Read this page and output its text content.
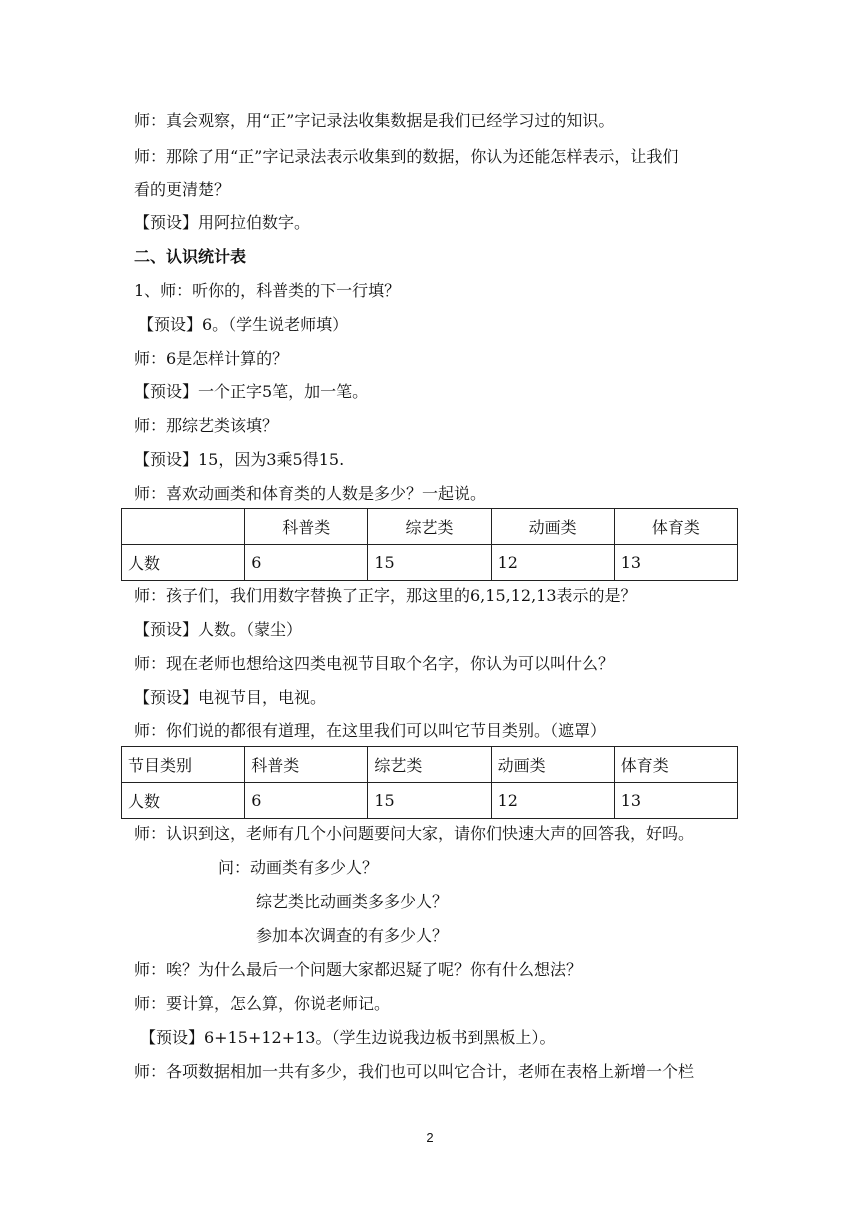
师：真会观察，用“正”字记录法收集数据是我们已经学习过的知识。
师：那除了用“正”字记录法表示收集到的数据，你认为还能怎样表示，让我们
看的更清楚？
【预设】用阿拉伯数字。
二、认识统计表
1、师：听你的，科普类的下一行填？
【预设】6。（学生说老师填）
师：6是怎样计算的？
【预设】一个正字5笔，加一笔。
师：那综艺类该填？
【预设】15，因为3乘5得15.
师：喜欢动画类和体育类的人数是多少？一起说。
	科普类	综艺类	动画类	体育类
人数	6	15	12	13
师：孩子们，我们用数字替换了正字，那这里的6,15,12,13表示的是？
【预设】人数。（蒙尘）
师：现在老师也想给这四类电视节目取个名字，你认为可以叫什么？
【预设】电视节目，电视。
师：你们说的都很有道理，在这里我们可以叫它节目类别。（遮罩）
节目类别	科普类	综艺类	动画类	体育类
人数	6	15	12	13
师：认识到这，老师有几个小问题要问大家，请你们快速大声的回答我，好吗。
问：动画类有多少人？
综艺类比动画类多多少人？
参加本次调查的有多少人？
师：唉？为什么最后一个问题大家都迟疑了呢？你有什么想法？
师：要计算，怎么算，你说老师记。
【预设】6+15+12+13。（学生边说我边板书到黑板上）。
师：各项数据相加一共有多少，我们也可以叫它合计，老师在表格上新增一个栏
2
